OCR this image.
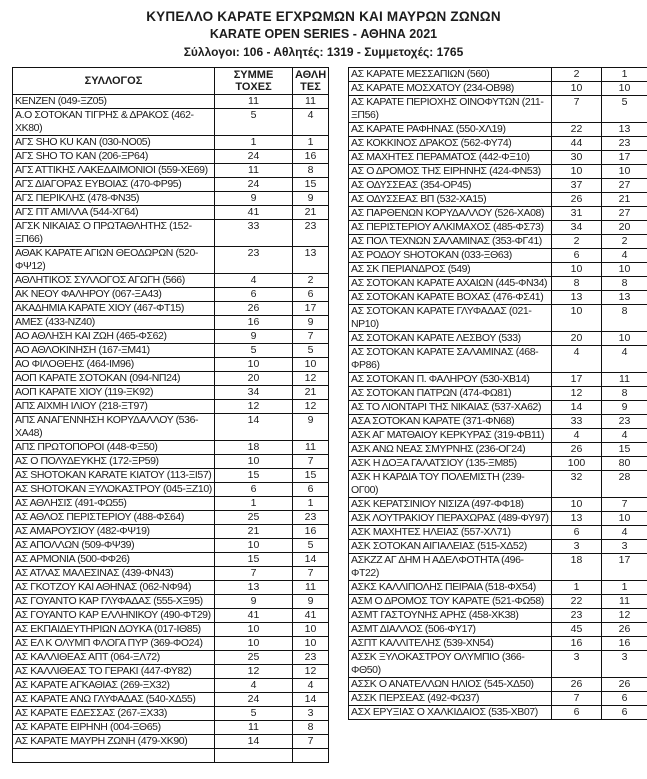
ΚΥΠΕΛΛΟ ΚΑΡΑΤΕ ΕΓΧΡΩΜΩΝ ΚΑΙ ΜΑΥΡΩΝ ΖΩΝΩΝ
KARATE OPEN SERIES - ΑΘΗΝΑ 2021
Σύλλογοι: 106 - Αθλητές: 1319 - Συμμετοχές: 1765
ΣΥΛΛΟΓΟΣ	ΣΥΜΜΕ ΤΟΧΕΣ	ΑΘΛΗ ΤΕΣ
KENZEN (049-ΞΖ05)	11	11
Α.Ο ΣΟΤΟΚΑΝ ΤΙΓΡΗΣ & ΔΡΑΚΟΣ (462-ΧΚ80)	5	4
ΑΓΣ SHO KU KAN (030-ΝΟ05)	1	1
ΑΓΣ SHO TO KAN (206-ΞΡ64)	24	16
ΑΓΣ ΑΤΤΙΚΗΣ ΛΑΚΕΔΑΙΜΟΝΙΟΙ (559-ΧΕ69)	11	8
ΑΓΣ ΔΙΑΓΟΡΑΣ ΕΥΒΟΙΑΣ (470-ΦΡ95)	24	15
ΑΓΣ ΠΕΡΙΚΛΗΣ (478-ΦΝ35)	9	9
ΑΓΣ ΠΤ ΑΜΙΛΛΑ (544-ΧΓ64)	41	21
ΑΓΣΚ ΝΙΚΑΙΑΣ Ο ΠΡΩΤΑΘΛΗΤΗΣ (152-ΞΠ66)	33	23
ΑΘΑΚ ΚΑΡΑΤΕ ΑΓΙΩΝ ΘΕΟΔΩΡΩΝ (520-ΦΨ12)	23	13
ΑΘΛΗΤΙΚΟΣ ΣΥΛΛΟΓΟΣ ΑΓΩΓΗ (566)	4	2
ΑΚ ΝΕΟΥ ΦΑΛΗΡΟΥ (067-ΞΑ43)	6	6
ΑΚΑΔΗΜΙΑ ΚΑΡΑΤΕ ΧΙΟΥ (467-ΦΤ15)	26	17
ΑΜΕΣ (433-ΝΖ40)	16	9
ΑΟ ΑΘΛΗΣΗ ΚΑΙ ΖΩΗ (465-ΦΣ62)	9	7
ΑΟ ΑΘΛΟΚΙΝΗΣΗ (167-ΞΜ41)	5	5
ΑΟ ΦΙΛΟΘΕΗΣ (464-ΙΜ96)	10	10
ΑΟΠ ΚΑΡΑΤΕ ΣΟΤΟΚΑΝ (094-ΝΠ24)	20	12
ΑΟΠ ΚΑΡΑΤΕ ΧΙΟΥ (119-ΞΚ92)	34	21
ΑΠΣ ΑΙΧΜΗ ΙΛΙΟΥ (218-ΞΤ97)	12	12
ΑΠΣ ΑΝΑΓΕΝΝΗΣΗ ΚΟΡΥΔΑΛΛΟΥ (536-ΧΑ48)	14	9
ΑΠΣ ΠΡΩΤΟΠΟΡΟΙ (448-ΦΞ50)	18	11
ΑΣ Ο ΠΟΛΥΔΕΥΚΗΣ (172-ΞΡ59)	10	7
ΑΣ SHOTOKAN KARATE ΚΙΑΤΟΥ (113-ΞΙ57)	15	15
ΑΣ SHOTOKAN ΞΥΛΟΚΑΣΤΡΟΥ (045-ΞΖ10)	6	6
ΑΣ ΑΘΛΗΣΙΣ (491-ΦΩ55)	1	1
ΑΣ ΑΘΛΟΣ ΠΕΡΙΣΤΕΡΙΟΥ (488-ΦΣ64)	25	23
ΑΣ ΑΜΑΡΟΥΣΙΟΥ (482-ΦΨ19)	21	16
ΑΣ ΑΠΟΛΛΩΝ (509-ΦΨ39)	10	5
ΑΣ ΑΡΜΟΝΙΑ (500-ΦΦ26)	15	14
ΑΣ ΑΤΛΑΣ ΜΑΛΕΣΙΝΑΣ (439-ΦΝ43)	7	7
ΑΣ ΓΚΟΤΖΟΥ ΚΑΙ ΑΘΗΝΑΣ (062-ΝΦ94)	13	11
ΑΣ ΓΟΥΑΝΤΟ ΚΑΡ ΓΛΥΦΑΔΑΣ (555-ΧΞ95)	9	9
ΑΣ ΓΟΥΑΝΤΟ ΚΑΡ ΕΛΛΗΝΙΚΟΥ (490-ΦΤ29)	41	41
ΑΣ ΕΚΠΑΙΔΕΥΤΗΡΙΩΝ ΔΟΥΚΑ (017-ΙΘ85)	10	10
ΑΣ ΕΛ Κ ΟΛΥΜΠ ΦΛΟΓΑ ΠΥΡ (369-ΦΟ24)	10	10
ΑΣ ΚΑΛΛΙΘΕΑΣ ΑΠΤ (064-ΞΛ72)	25	23
ΑΣ ΚΑΛΛΙΘΕΑΣ ΤΟ ΓΕΡΑΚΙ (447-ΦΥ82)	12	12
ΑΣ ΚΑΡΑΤΕ ΑΓΚΑΘΙΑΣ (269-ΞΧ32)	4	4
ΑΣ ΚΑΡΑΤΕ ΑΝΩ ΓΛΥΦΑΔΑΣ (540-ΧΔ55)	24	14
ΑΣ ΚΑΡΑΤΕ ΕΔΕΣΣΑΣ (267-ΞΧ33)	5	3
ΑΣ ΚΑΡΑΤΕ ΕΙΡΗΝΗ (004-ΞΘ65)	11	8
ΑΣ ΚΑΡΑΤΕ ΜΑΥΡΗ ΖΩΝΗ (479-ΧΚ90)	14	7

ΑΣ ΚΑΡΑΤΕ ΜΕΣΣΑΠΙΩΝ (560)	2	1
ΑΣ ΚΑΡΑΤΕ ΜΟΣΧΑΤΟΥ (234-ΟΒ98)	10	10
ΑΣ ΚΑΡΑΤΕ ΠΕΡΙΟΧΗΣ ΟΙΝΟΦΥΤΩΝ (211-ΞΠ56)	7	5
ΑΣ ΚΑΡΑΤΕ ΡΑΦΗΝΑΣ (550-ΧΛ19)	22	13
ΑΣ ΚΟΚΚΙΝΟΣ ΔΡΑΚΟΣ (562-ΦΥ74)	44	23
ΑΣ ΜΑΧΗΤΕΣ ΠΕΡΑΜΑΤΟΣ (442-ΦΞ10)	30	17
ΑΣ Ο ΔΡΟΜΟΣ ΤΗΣ ΕΙΡΗΝΗΣ (424-ΦΝ53)	10	10
ΑΣ ΟΔΥΣΣΕΑΣ (354-ΟΡ45)	37	27
ΑΣ ΟΔΥΣΣΕΑΣ ΒΠ (532-ΧΑ15)	26	21
ΑΣ ΠΑΡΘΕΝΩΝ ΚΟΡΥΔΑΛΛΟΥ (526-ΧΑ08)	31	27
ΑΣ ΠΕΡΙΣΤΕΡΙΟΥ ΑΛΚΙΜΑΧΟΣ (485-ΦΣ73)	34	20
ΑΣ ΠΟΛ ΤΕΧΝΩΝ ΣΑΛΑΜΙΝΑΣ (353-ΦΓ41)	2	2
ΑΣ ΡΟΔΟΥ SHOTOKAN (033-ΞΘ63)	6	4
ΑΣ ΣΚ ΠΕΡΙΑΝΔΡΟΣ (549)	10	10
ΑΣ ΣΟΤΟΚΑΝ ΚΑΡΑΤΕ ΑΧΑΙΩΝ (445-ΦΝ34)	8	8
ΑΣ ΣΟΤΟΚΑΝ ΚΑΡΑΤΕ ΒΟΧΑΣ (476-ΦΣ41)	13	13
ΑΣ ΣΟΤΟΚΑΝ ΚΑΡΑΤΕ ΓΛΥΦΑΔΑΣ (021-ΝΡ10)	10	8
ΑΣ ΣΟΤΟΚΑΝ ΚΑΡΑΤΕ ΛΕΣΒΟΥ (533)	20	10
ΑΣ ΣΟΤΟΚΑΝ ΚΑΡΑΤΕ ΣΑΛΑΜΙΝΑΣ (468-ΦΡ86)	4	4
ΑΣ ΣΟΤΟΚΑΝ Π. ΦΑΛΗΡΟΥ (530-ΧΒ14)	17	11
ΑΣ ΣΟΤΟΚΑΝ ΠΑΤΡΩΝ (474-ΦΩ81)	12	8
ΑΣ ΤΟ ΛΙΟΝΤΑΡΙ ΤΗΣ ΝΙΚΑΙΑΣ (537-ΧΑ62)	14	9
ΑΣΑ ΣΟΤΟΚΑΝ ΚΑΡΑΤΕ (371-ΦΝ68)	33	23
ΑΣΚ ΑΓ ΜΑΤΘΑΙΟΥ ΚΕΡΚΥΡΑΣ (319-ΦΒ11)	4	4
ΑΣΚ ΑΝΩ ΝΕΑΣ ΣΜΥΡΝΗΣ (236-ΟΓ24)	26	15
ΑΣΚ Η ΔΟΞΑ ΓΑΛΑΤΣΙΟΥ (135-ΞΜ85)	100	80
ΑΣΚ Η ΚΑΡΔΙΑ ΤΟΥ ΠΟΛΕΜΙΣΤΗ (239-ΟΓ00)	32	28
ΑΣΚ ΚΕΡΑΤΣΙΝΙΟΥ ΝΙΣΙΖΑ (497-ΦΦ18)	10	7
ΑΣΚ ΛΟΥΤΡΑΚΙΟΥ ΠΕΡΑΧΩΡΑΣ (489-ΦΥ97)	13	10
ΑΣΚ ΜΑΧΗΤΕΣ ΗΛΕΙΑΣ (557-ΧΛ71)	6	4
ΑΣΚ ΣΟΤΟΚΑΝ ΑΙΓΙΑΛΕΙΑΣ (515-ΧΔ52)	3	3
ΑΣΚΖΖ ΑΓ ΔΗΜ Η ΑΔΕΛΦΟΤΗΤΑ (496-ΦΤ22)	18	17
ΑΣΚΣ ΚΑΛΛΙΠΟΛΗΣ ΠΕΙΡΑΙΑ (518-ΦΧ54)	1	1
ΑΣΜ Ο ΔΡΟΜΟΣ ΤΟΥ ΚΑΡΑΤΕ (521-ΦΩ58)	22	11
ΑΣΜΤ ΓΑΣΤΟΥΝΗΣ ΑΡΗΣ (458-ΧΚ38)	23	12
ΑΣΜΤ ΔΙΑΛΛΟΣ (506-ΦΥ17)	45	26
ΑΣΠΤ ΚΑΛΛΙΤΕΛΗΣ (539-ΧΝ54)	16	16
ΑΣΣΚ ΞΥΛΟΚΑΣΤΡΟΥ ΟΛΥΜΠΙΟ (366-ΦΘ50)	3	3
ΑΣΣΚ Ο ΑΝΑΤΕΛΛΩΝ ΗΛΙΟΣ (545-ΧΔ50)	26	26
ΑΣΣΚ ΠΕΡΣΕΑΣ (492-ΦΩ37)	7	6
ΑΣΧ ΕΡΥΞΙΑΣ Ο ΧΑΛΚΙΔΑΙΟΣ (535-ΧΒ07)	6	6
